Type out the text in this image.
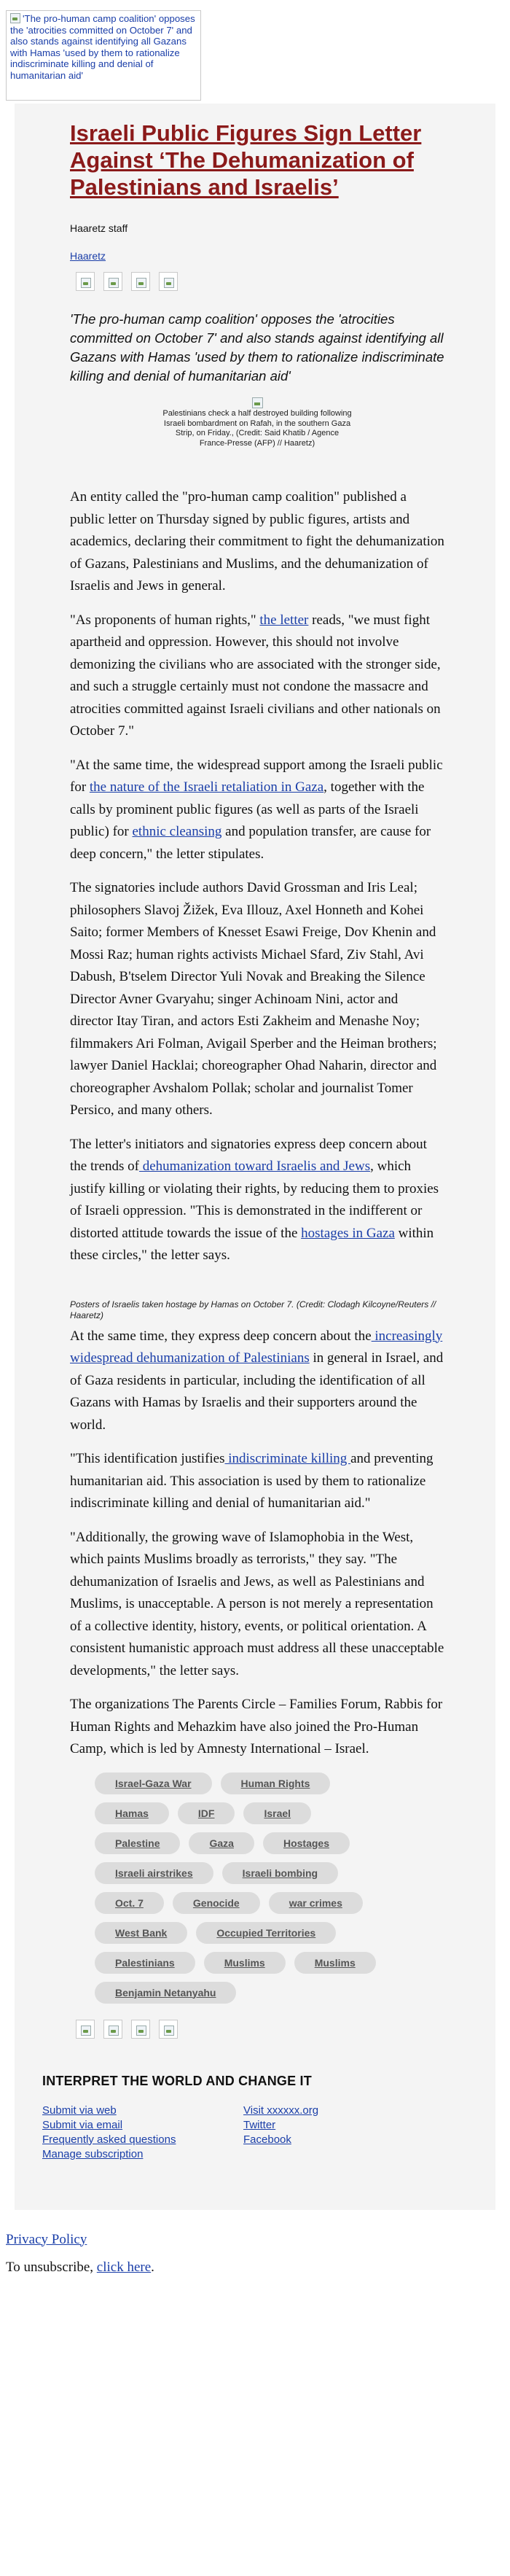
'The pro-human camp coalition' opposes the 'atrocities committed on October 7' and also stands against identifying all Gazans with Hamas 'used by them to rationalize indiscriminate killing and denial of humanitarian aid'
Israeli Public Figures Sign Letter Against ‘The Dehumanization of Palestinians and Israelis’
Haaretz staff
Haaretz
'The pro-human camp coalition' opposes the 'atrocities committed on October 7' and also stands against identifying all Gazans with Hamas 'used by them to rationalize indiscriminate killing and denial of humanitarian aid'
Palestinians check a half destroyed building following Israeli bombardment on Rafah, in the southern Gaza Strip, on Friday., (Credit: Said Khatib / Agence France-Presse (AFP) // Haaretz)

An entity called the "pro-human camp coalition" published a public letter on Thursday signed by public figures, artists and academics, declaring their commitment to fight the dehumanization of Gazans, Palestinians and Muslims, and the dehumanization of Israelis and Jews in general.

"As proponents of human rights," the letter reads, "we must fight apartheid and oppression. However, this should not involve demonizing the civilians who are associated with the stronger side, and such a struggle certainly must not condone the massacre and atrocities committed against Israeli civilians and other nationals on October 7."

"At the same time, the widespread support among the Israeli public for the nature of the Israeli retaliation in Gaza, together with the calls by prominent public figures (as well as parts of the Israeli public) for ethnic cleansing and population transfer, are cause for deep concern," the letter stipulates.

The signatories include authors David Grossman and Iris Leal; philosophers Slavoj Žižek, Eva Illouz, Axel Honneth and Kohei Saito; former Members of Knesset Esawi Freige, Dov Khenin and Mossi Raz; human rights activists Michael Sfard, Ziv Stahl, Avi Dabush, B'tselem Director Yuli Novak and Breaking the Silence Director Avner Gvaryahu; singer Achinoam Nini, actor and director Itay Tiran, and actors Esti Zakheim and Menashe Noy; filmmakers Ari Folman, Avigail Sperber and the Heiman brothers; lawyer Daniel Hacklai; choreographer Ohad Naharin, director and choreographer Avshalom Pollak; scholar and journalist Tomer Persico, and many others.

The letter's initiators and signatories express deep concern about the trends of dehumanization toward Israelis and Jews, which justify killing or violating their rights, by reducing them to proxies of Israeli oppression. "This is demonstrated in the indifferent or distorted attitude towards the issue of the hostages in Gaza within these circles," the letter says.

Posters of Israelis taken hostage by Hamas on October 7. (Credit: Clodagh Kilcoyne/Reuters // Haaretz)

At the same time, they express deep concern about the increasingly widespread dehumanization of Palestinians in general in Israel, and of Gaza residents in particular, including the identification of all Gazans with Hamas by Israelis and their supporters around the world.

"This identification justifies indiscriminate killing and preventing humanitarian aid. This association is used by them to rationalize indiscriminate killing and denial of humanitarian aid."

"Additionally, the growing wave of Islamophobia in the West, which paints Muslims broadly as terrorists," they say. "The dehumanization of Israelis and Jews, as well as Palestinians and Muslims, is unacceptable. A person is not merely a representation of a collective identity, history, events, or political orientation. A consistent humanistic approach must address all these unacceptable developments," the letter says.

The organizations The Parents Circle – Families Forum, Rabbis for Human Rights and Mehazkim have also joined the Pro-Human Camp, which is led by Amnesty International – Israel.

Israel-Gaza War	Human Rights
Hamas	IDF	Israel
Palestine	Gaza	Hostages
Israeli airstrikes	Israeli bombing
Oct. 7	Genocide	war crimes
West Bank	Occupied Territories
Palestinians	Muslims	Muslims
Benjamin Netanyahu
INTERPRET THE WORLD AND CHANGE IT
Submit via web
Submit via email
Frequently asked questions
Manage subscription
Visit xxxxxx.org
Twitter
Facebook
Privacy Policy

To unsubscribe, click here.
